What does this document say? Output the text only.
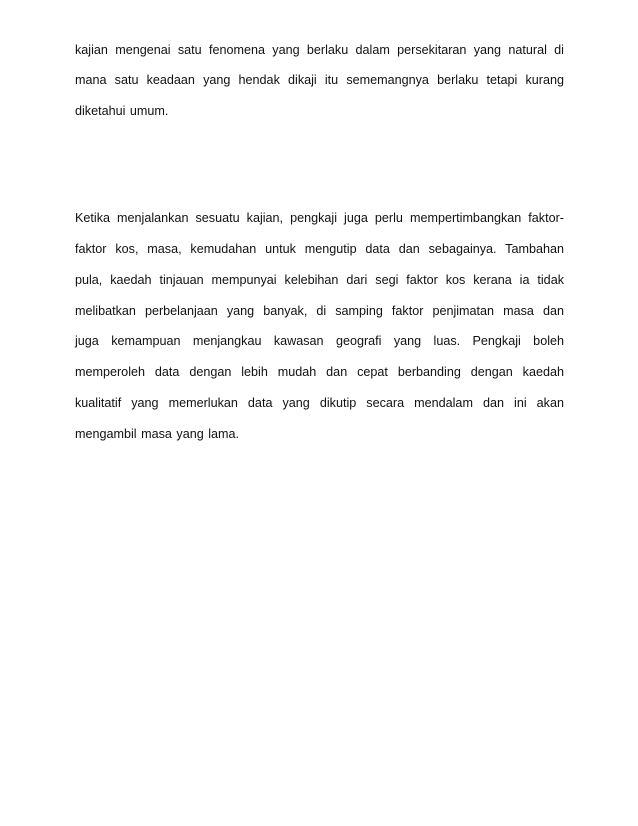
kajian mengenai satu fenomena yang berlaku dalam persekitaran yang natural di
mana satu keadaan yang hendak dikaji itu sememangnya berlaku tetapi kurang
diketahui umum.
Ketika menjalankan sesuatu kajian, pengkaji juga perlu mempertimbangkan faktor-
faktor kos, masa, kemudahan untuk mengutip data dan sebagainya. Tambahan
pula, kaedah tinjauan mempunyai kelebihan dari segi faktor kos kerana ia tidak
melibatkan perbelanjaan yang banyak, di samping faktor penjimatan masa dan
juga kemampuan menjangkau kawasan geografi yang luas. Pengkaji boleh
memperoleh data dengan lebih mudah dan cepat berbanding dengan kaedah
kualitatif yang memerlukan data yang dikutip secara mendalam dan ini akan
mengambil masa yang lama.
